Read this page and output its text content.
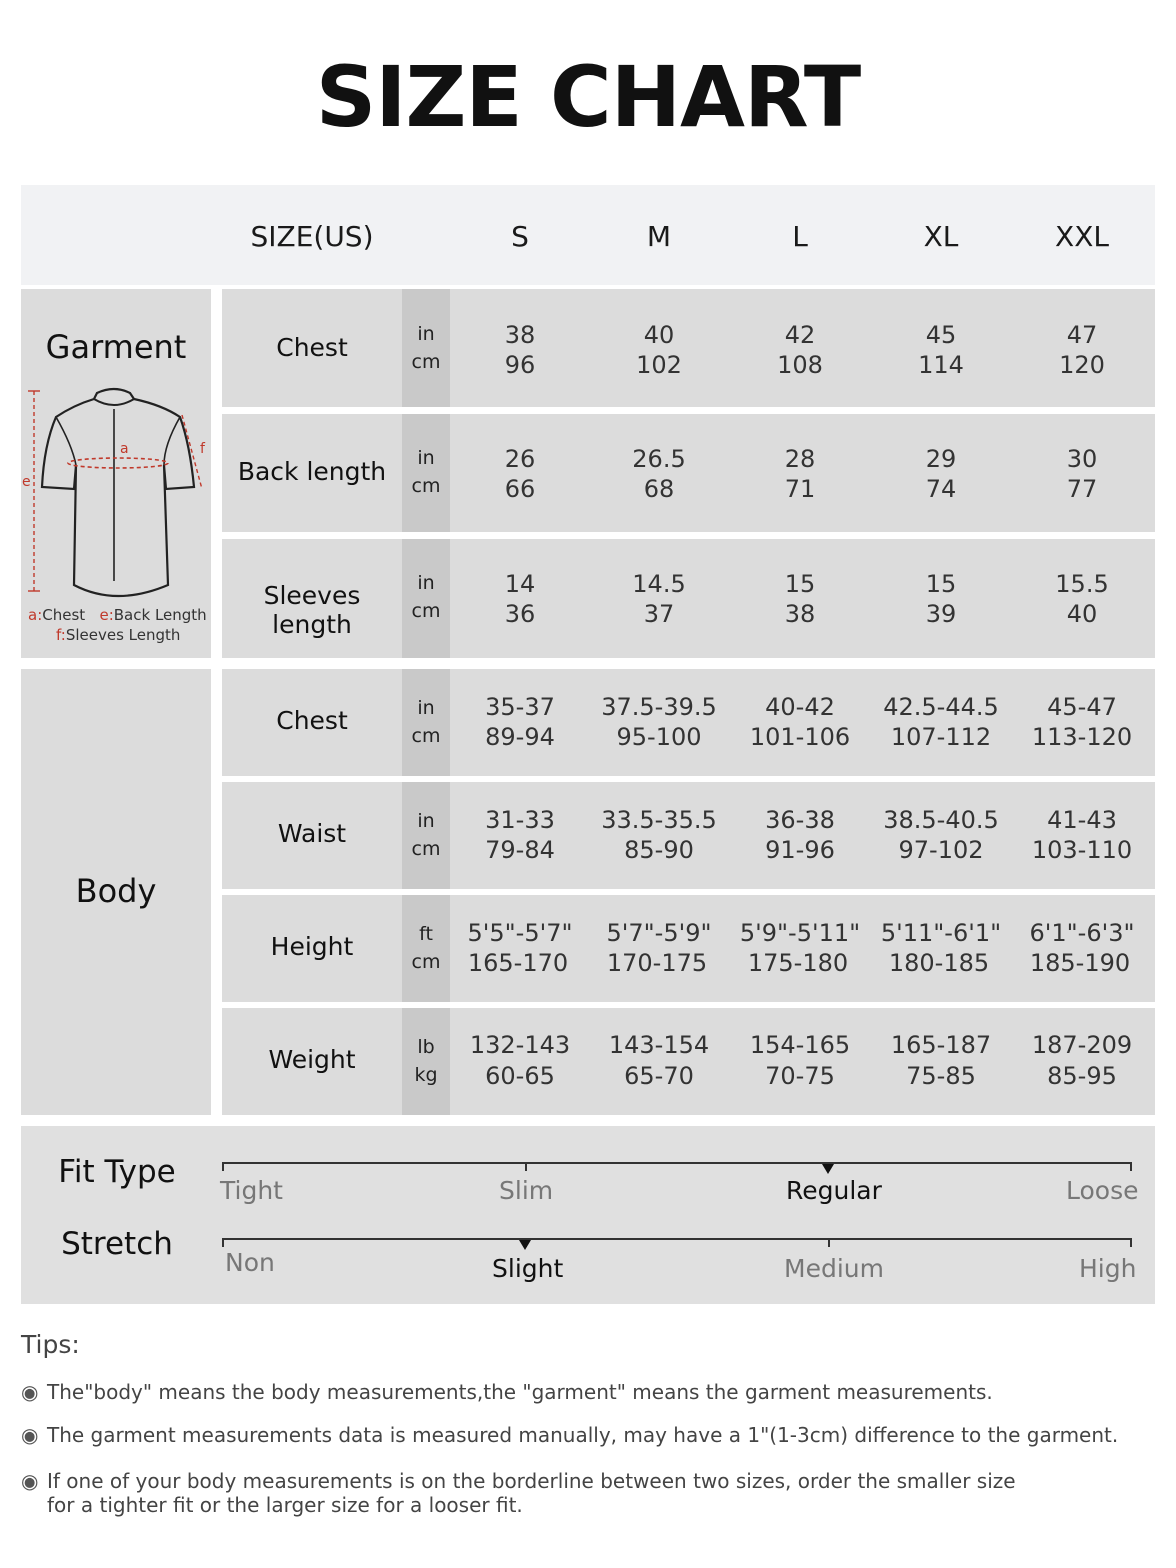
SIZE CHART
SIZE(US)	S	M	L	XL	XXL
Garment
a
e
f
a:Chest e:Back Length
f:Sleeves Length
Body
Chest	in
cm
38	40	42	45	47
96	102	108	114	120
Back length	in
cm
26	26.5	28	29	30
66	68	71	74	77
Sleeves length
in
cm
14	14.5	15	15	15.5
36	37	38	39	40
Chest	in
cm
35-37 37.5-39.5 40-42 42.5-44.5 45-47
89-94	95-100 101-106 107-112 113-120
Waist	in
cm
31-33 33.5-35.5 36-38 38.5-40.5 41-43
79-84	85-90	91-96	97-102 103-110
Height	ft
cm
5'5"-5'7" 5'7"-5'9" 5'9"-5'11" 5'11"-6'1" 6'1"-6'3"
165-170 170-175 175-180 180-185 185-190
Weight	lb
kg
132-143 143-154 154-165 165-187 187-209
60-65	65-70	70-75	75-85	85-95
Fit Type
Stretch
Tight	Slim	Regular	Loose
Non	Slight	Medium	High
Tips:
◉ The"body" means the body measurements,the "garment" means the garment measurements.
◉ The garment measurements data is measured manually, may have a 1"(1-3cm) difference to the garment.
◉ If one of your body measurements is on the borderline between two sizes, order the smaller size
for a tighter fit or the larger size for a looser fit.
